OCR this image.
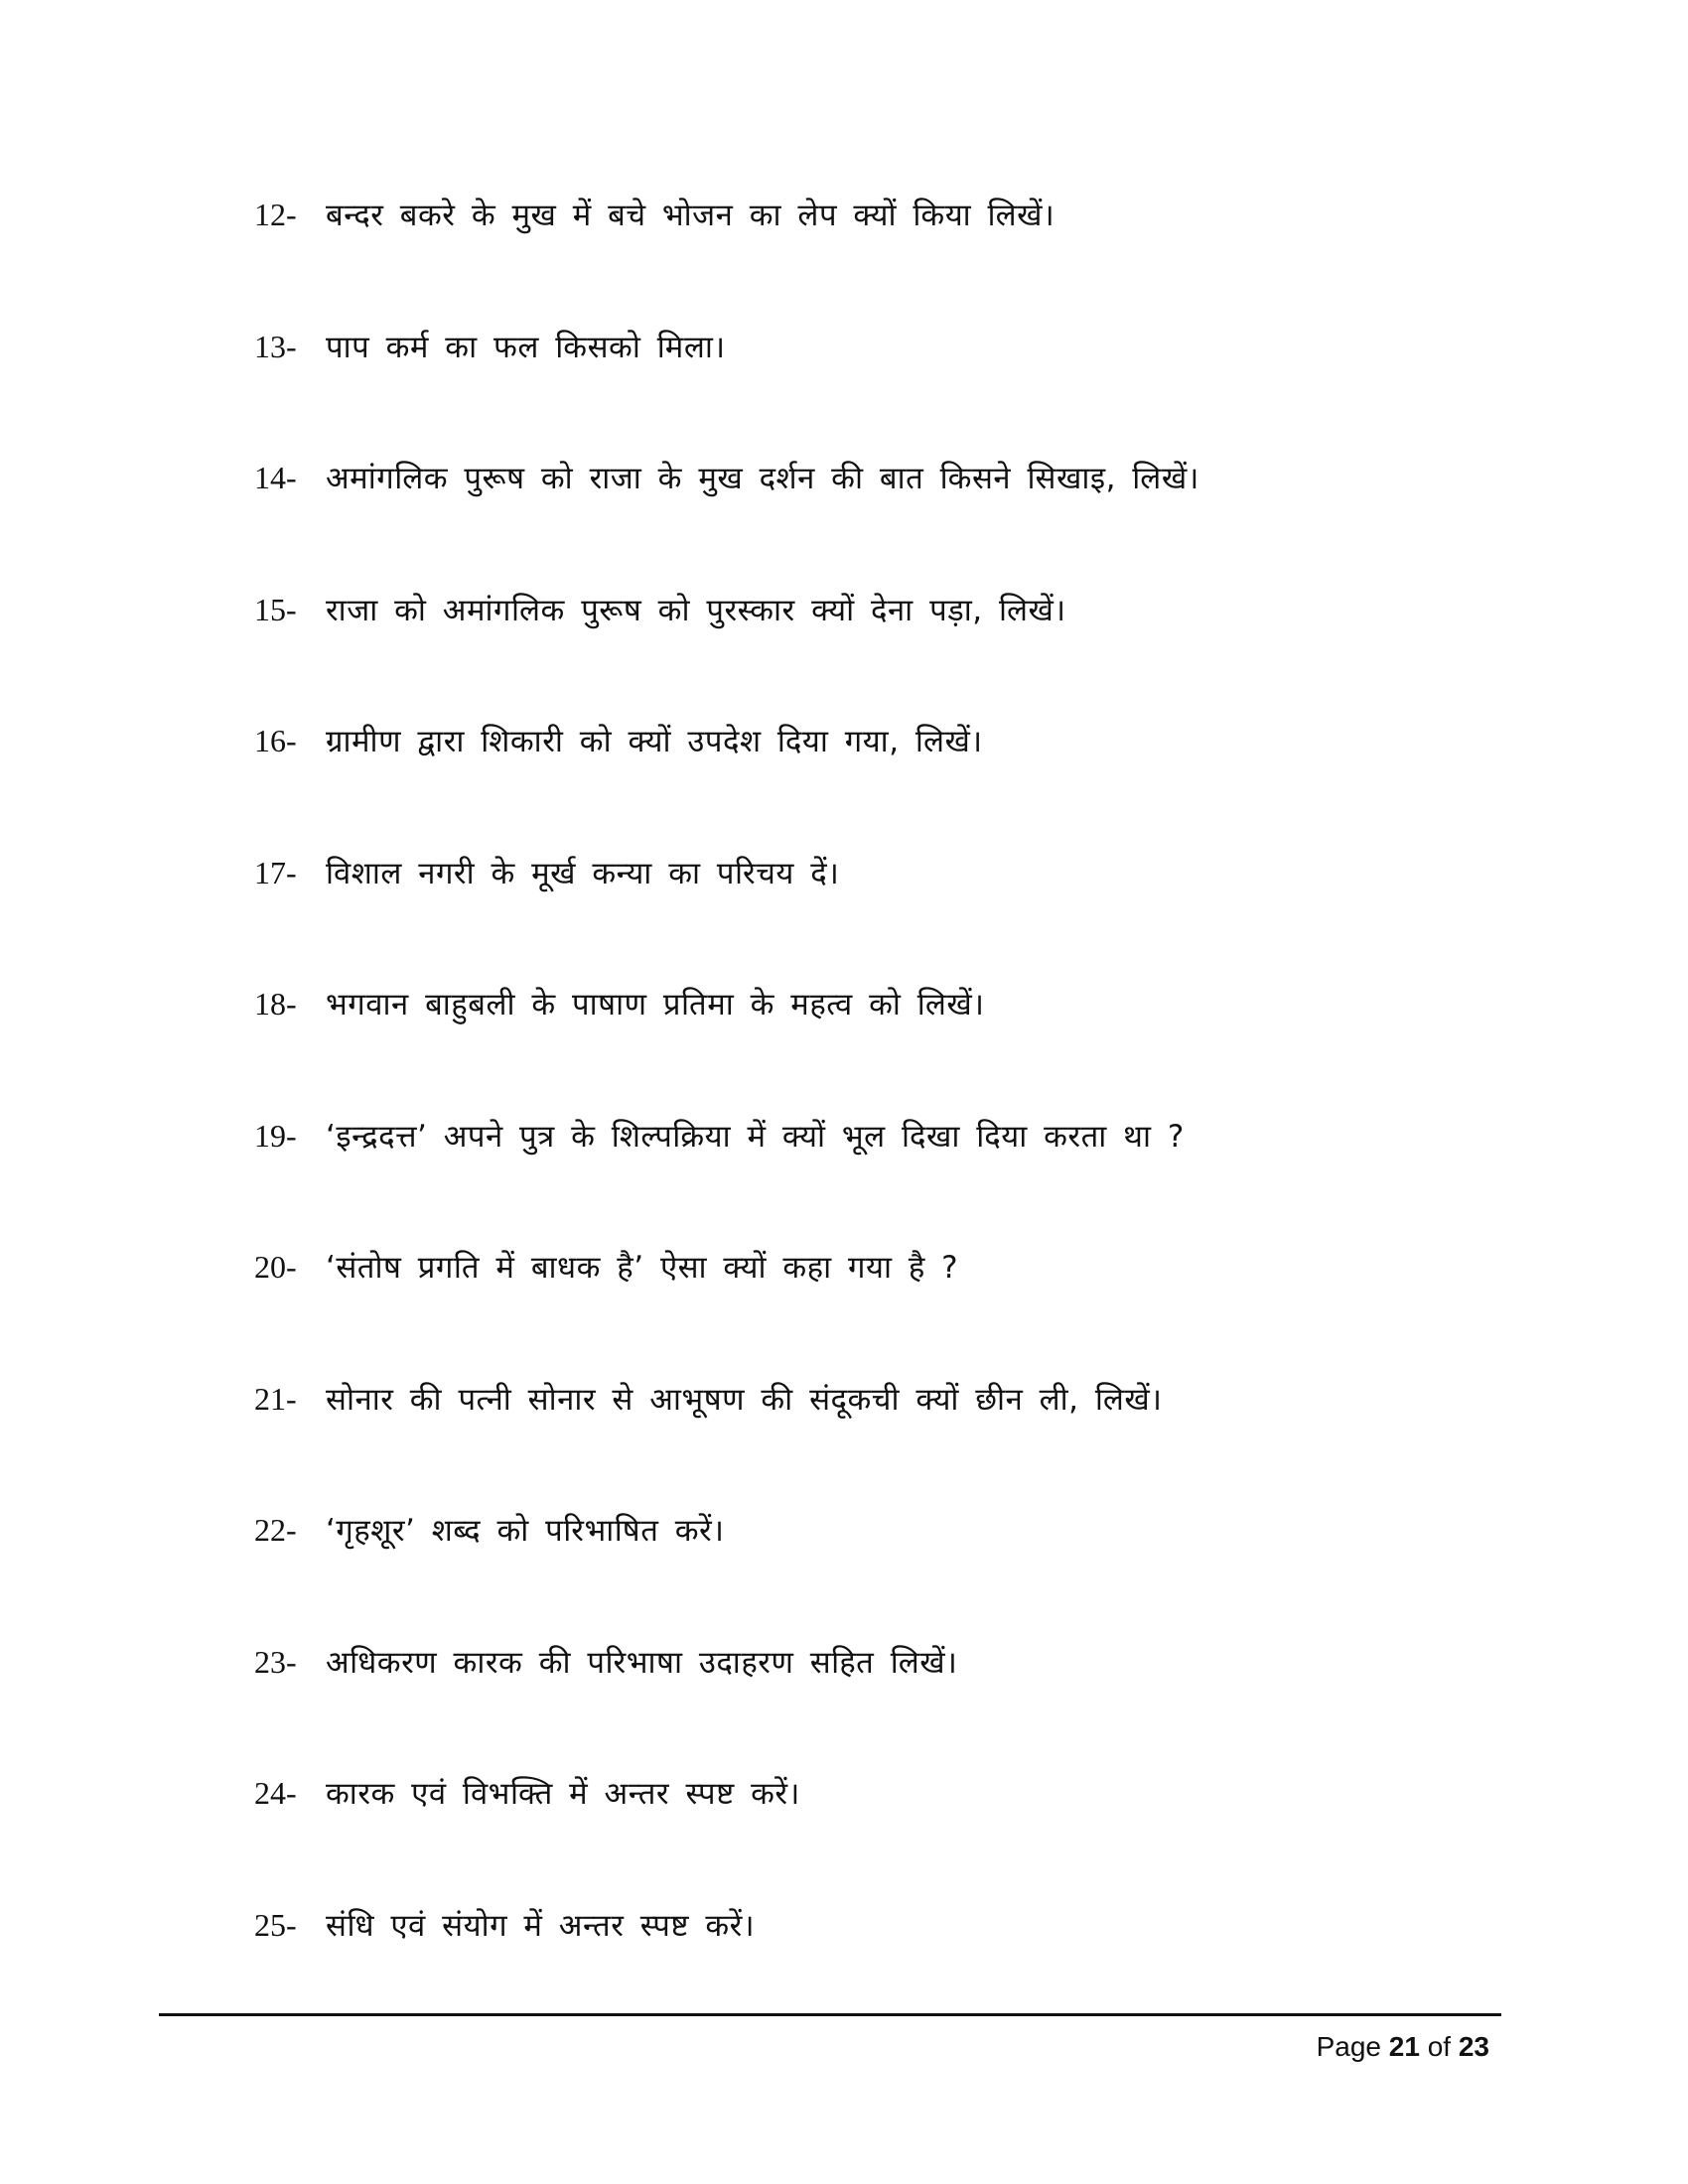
12- बन्दर बकरे के मुख में बचे भोजन का लेप क्यों किया लिखें।
13- पाप कर्म का फल किसको मिला।
14- अमांगलिक पुरूष को राजा के मुख दर्शन की बात किसने सिखाइ, लिखें।
15- राजा को अमांगलिक पुरूष को पुरस्कार क्यों देना पड़ा, लिखें।
16- ग्रामीण द्वारा शिकारी को क्यों उपदेश दिया गया, लिखें।
17- विशाल नगरी के मूर्ख कन्या का परिचय दें।
18- भगवान बाहुबली के पाषाण प्रतिमा के महत्व को लिखें।
19- ‘इन्द्रदत्त’ अपने पुत्र के शिल्पक्रिया में क्यों भूल दिखा दिया करता था ?
20- ‘संतोष प्रगति में बाधक है’ ऐसा क्यों कहा गया है ?
21- सोनार की पत्नी सोनार से आभूषण की संदूकची क्यों छीन ली, लिखें।
22- ‘गृहशूर’ शब्द को परिभाषित करें।
23- अधिकरण कारक की परिभाषा उदाहरण सहित लिखें।
24- कारक एवं विभक्ति में अन्तर स्पष्ट करें।
25- संधि एवं संयोग में अन्तर स्पष्ट करें।
Page 21 of 23
